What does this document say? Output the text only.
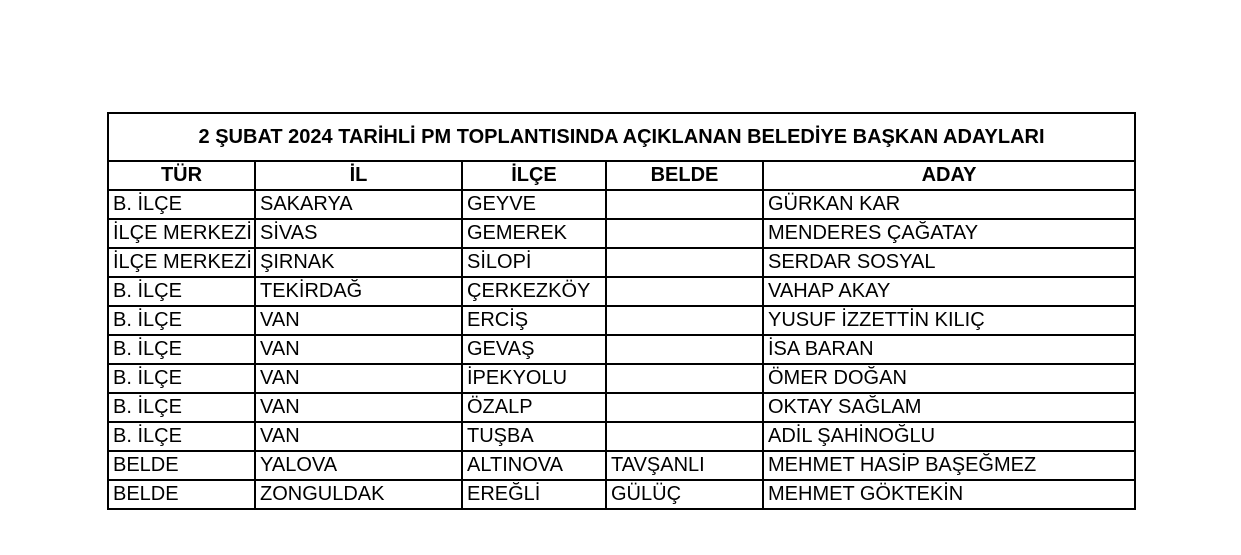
2 ŞUBAT 2024 TARİHLİ PM TOPLANTISINDA AÇIKLANAN BELEDİYE BAŞKAN ADAYLARI				
TÜR	İL	İLÇE	BELDE	ADAY
B. İLÇE	SAKARYA	GEYVE		GÜRKAN KAR
İLÇE MERKEZİ	SİVAS	GEMEREK		MENDERES ÇAĞATAY
İLÇE MERKEZİ	ŞIRNAK	SİLOPİ		SERDAR SOSYAL
B. İLÇE	TEKİRDAĞ	ÇERKEZKÖY		VAHAP AKAY
B. İLÇE	VAN	ERCİŞ		YUSUF İZZETTİN KILIÇ
B. İLÇE	VAN	GEVAŞ		İSA BARAN
B. İLÇE	VAN	İPEKYOLU		ÖMER DOĞAN
B. İLÇE	VAN	ÖZALP		OKTAY SAĞLAM
B. İLÇE	VAN	TUŞBA		ADİL ŞAHİNOĞLU
BELDE	YALOVA	ALTINOVA	TAVŞANLI	MEHMET HASİP BAŞEĞMEZ
BELDE	ZONGULDAK	EREĞLİ	GÜLÜÇ	MEHMET GÖKTEKİN
